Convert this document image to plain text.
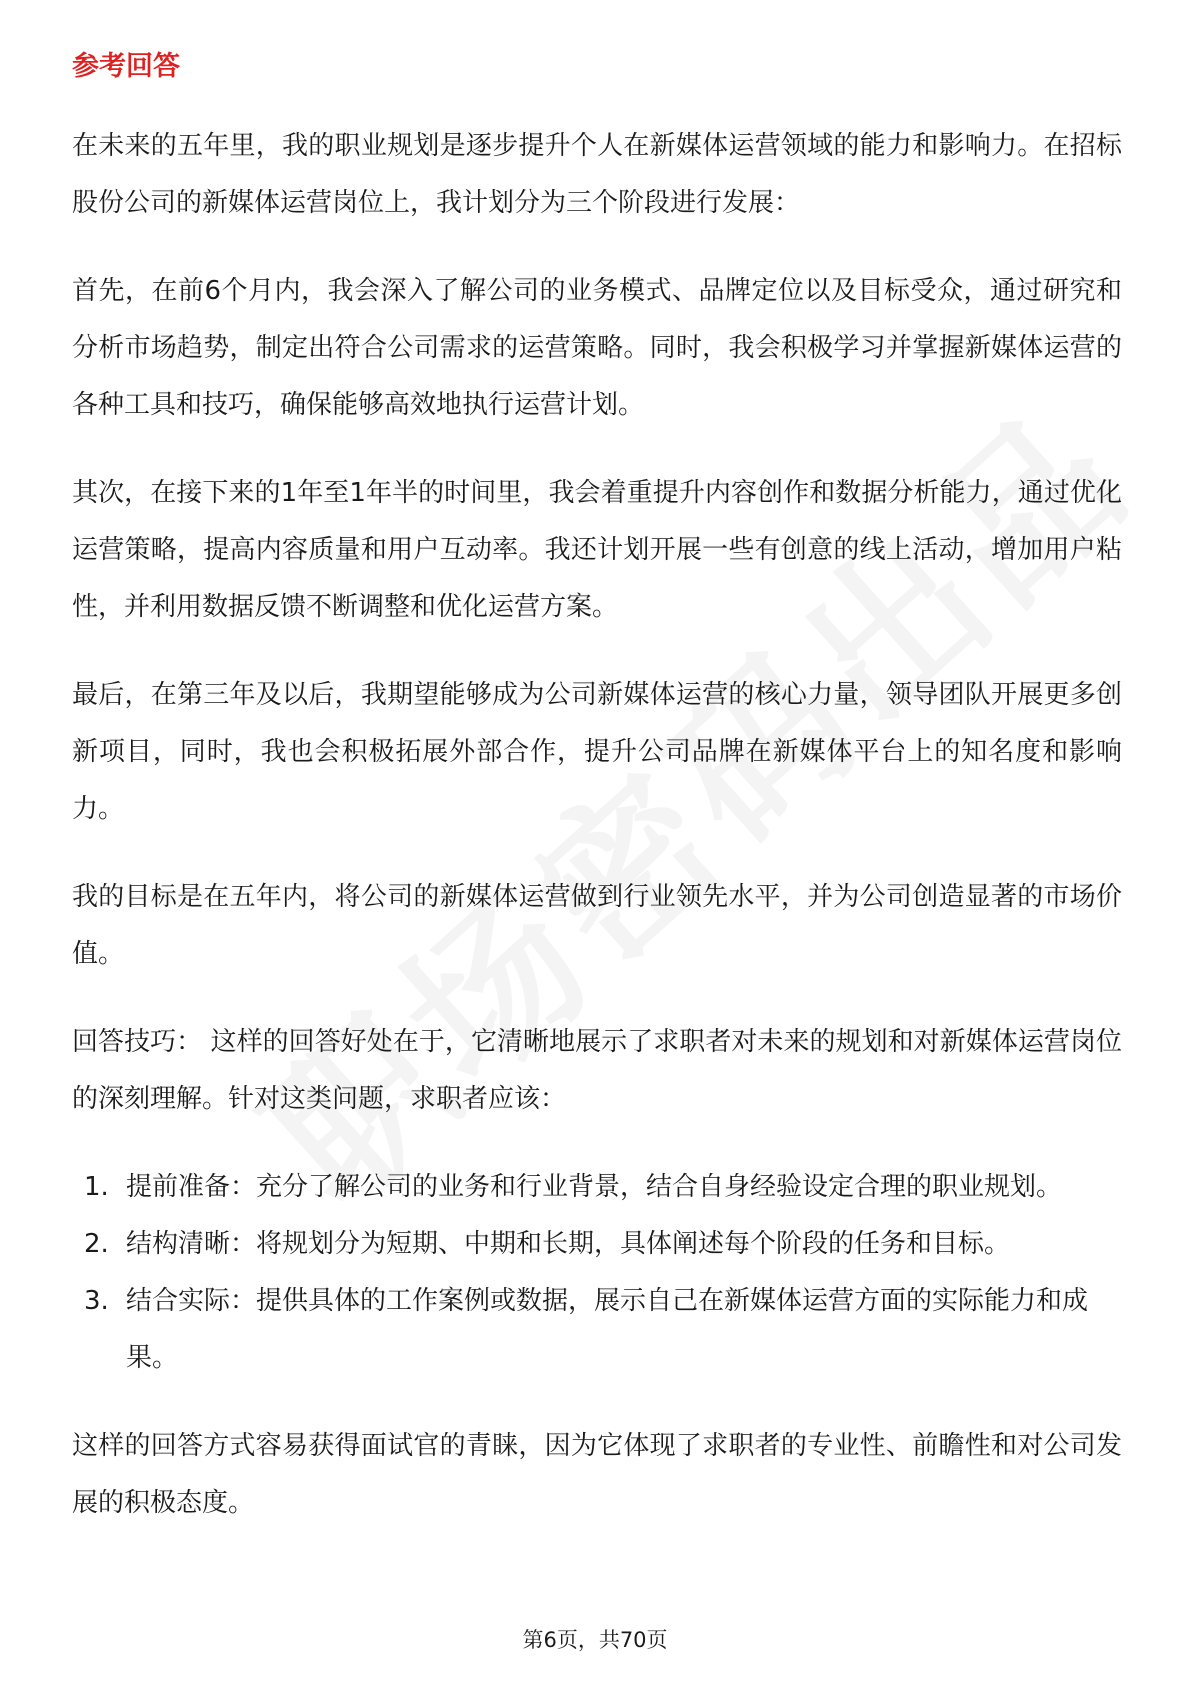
参考回答

在未来的五年里，我的职业规划是逐步提升个人在新媒体运营领域的能力和影响力。在招标股份公司的新媒体运营岗位上，我计划分为三个阶段进行发展：

首先，在前6个月内，我会深入了解公司的业务模式、品牌定位以及目标受众，通过研究和分析市场趋势，制定出符合公司需求的运营策略。同时，我会积极学习并掌握新媒体运营的各种工具和技巧，确保能够高效地执行运营计划。

其次，在接下来的1年至1年半的时间里，我会着重提升内容创作和数据分析能力，通过优化运营策略，提高内容质量和用户互动率。我还计划开展一些有创意的线上活动，增加用户粘性，并利用数据反馈不断调整和优化运营方案。

最后，在第三年及以后，我期望能够成为公司新媒体运营的核心力量，领导团队开展更多创新项目，同时，我也会积极拓展外部合作，提升公司品牌在新媒体平台上的知名度和影响力。

我的目标是在五年内，将公司的新媒体运营做到行业领先水平，并为公司创造显著的市场价值。

回答技巧： 这样的回答好处在于，它清晰地展示了求职者对未来的规划和对新媒体运营岗位的深刻理解。针对这类问题，求职者应该：

1. 提前准备：充分了解公司的业务和行业背景，结合自身经验设定合理的职业规划。
2. 结构清晰：将规划分为短期、中期和长期，具体阐述每个阶段的任务和目标。
3. 结合实际：提供具体的工作案例或数据，展示自己在新媒体运营方面的实际能力和成果。

这样的回答方式容易获得面试官的青睐，因为它体现了求职者的专业性、前瞻性和对公司发展的积极态度。

第6页，共70页
